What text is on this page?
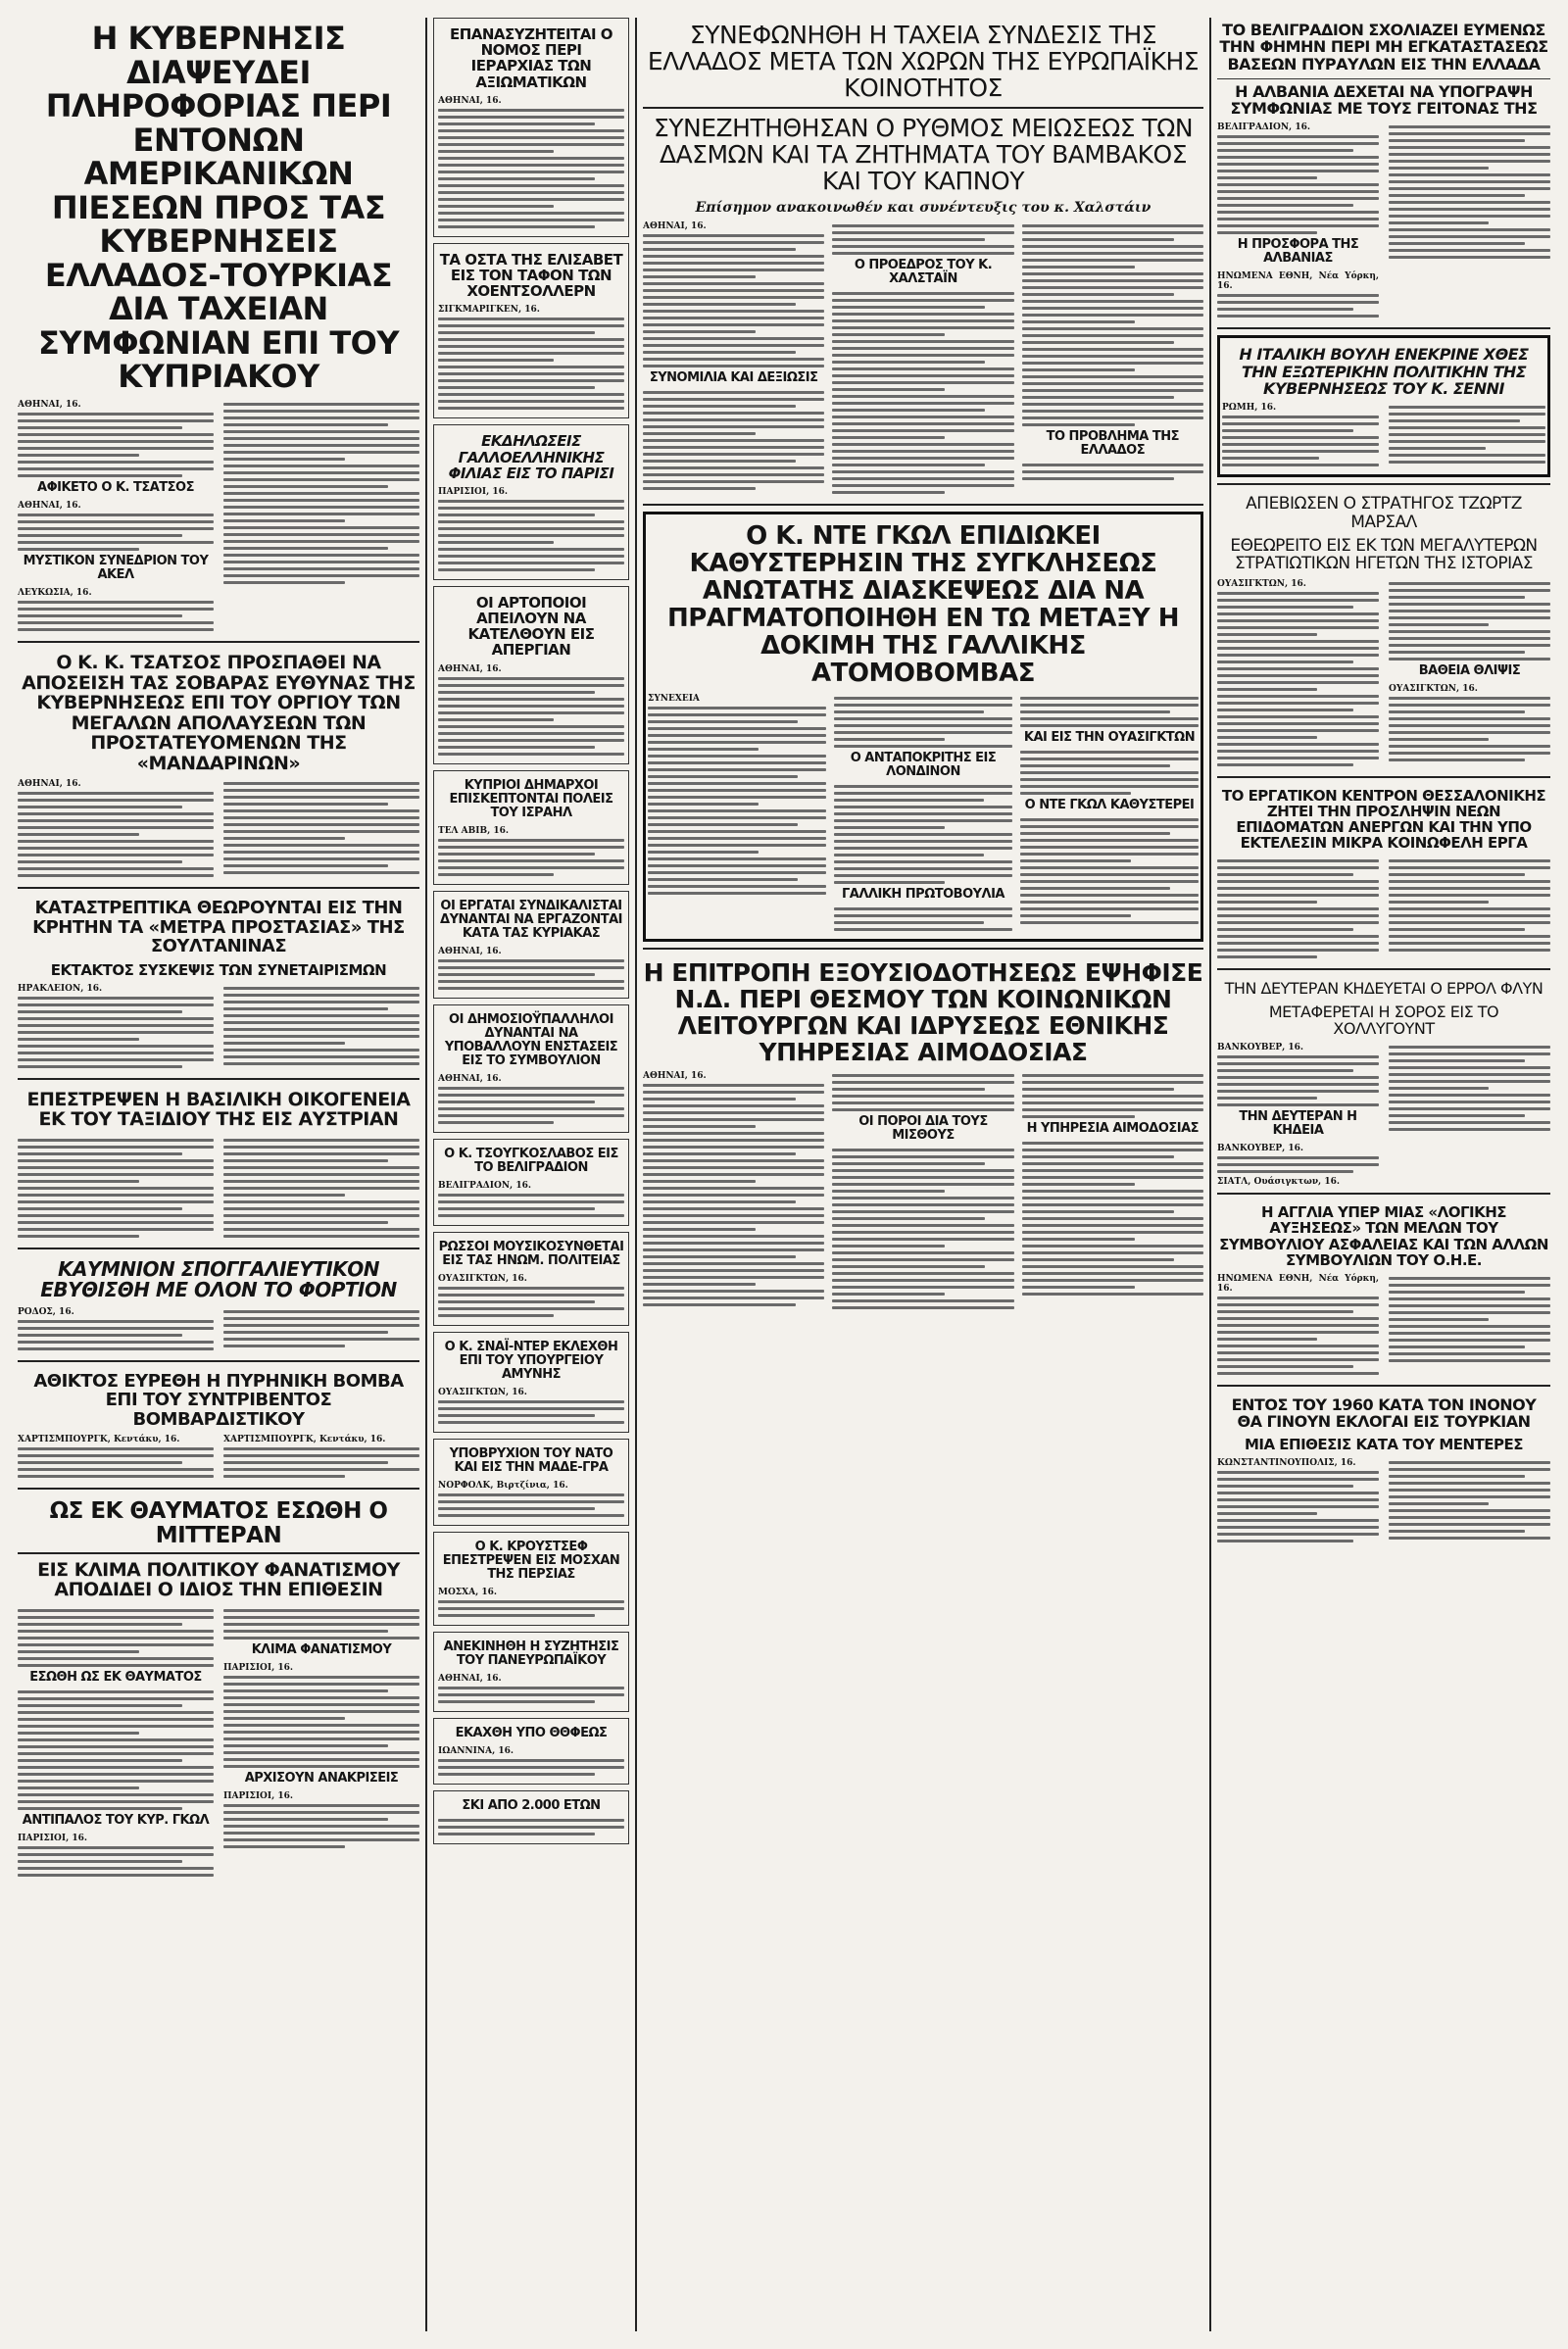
Η ΚΥΒΕΡΝΗΣΙΣ ΔΙΑΨΕΥΔΕΙ ΠΛΗΡΟΦΟΡΙΑΣ ΠΕΡΙ ΕΝΤΟΝΩΝ ΑΜΕΡΙΚΑΝΙΚΩΝ ΠΙΕΣΕΩΝ ΠΡΟΣ ΤΑΣ ΚΥΒΕΡΝΗΣΕΙΣ ΕΛΛΑΔΟΣ-ΤΟΥΡΚΙΑΣ ΔΙΑ ΤΑΧΕΙΑΝ ΣΥΜΦΩΝΙΑΝ ΕΠΙ ΤΟΥ ΚΥΠΡΙΑΚΟΥ
ΑΘΗΝΑΙ, 16.
ΑΦΙΚΕΤΟ Ο Κ. ΤΣΑΤΣΟΣ
ΑΘΗΝΑΙ, 16.
ΜΥΣΤΙΚΟΝ ΣΥΝΕΔΡΙΟΝ ΤΟΥ ΑΚΕΛ
ΛΕΥΚΩΣΙΑ, 16.
Ο Κ. Κ. ΤΣΑΤΣΟΣ ΠΡΟΣΠΑΘΕΙ ΝΑ ΑΠΟΣΕΙΣΗ ΤΑΣ ΣΟΒΑΡΑΣ ΕΥΘΥΝΑΣ ΤΗΣ ΚΥΒΕΡΝΗΣΕΩΣ ΕΠΙ ΤΟΥ ΟΡΓΙΟΥ ΤΩΝ ΜΕΓΑΛΩΝ ΑΠΟΛΑΥΣΕΩΝ ΤΩΝ ΠΡΟΣΤΑΤΕΥΟΜΕΝΩΝ ΤΗΣ «ΜΑΝΔΑΡΙΝΩΝ»
ΑΘΗΝΑΙ, 16.
ΚΑΤΑΣΤΡΕΠΤΙΚΑ ΘΕΩΡΟΥΝΤΑΙ ΕΙΣ ΤΗΝ ΚΡΗΤΗΝ ΤΑ «ΜΕΤΡΑ ΠΡΟΣΤΑΣΙΑΣ» ΤΗΣ ΣΟΥΛΤΑΝΙΝΑΣ
ΕΚΤΑΚΤΟΣ ΣΥΣΚΕΨΙΣ ΤΩΝ ΣΥΝΕΤΑΙΡΙΣΜΩΝ
ΗΡΑΚΛΕΙΟΝ, 16.
ΕΠΕΣΤΡΕΨΕΝ Η ΒΑΣΙΛΙΚΗ ΟΙΚΟΓΕΝΕΙΑ ΕΚ ΤΟΥ ΤΑΞΙΔΙΟΥ ΤΗΣ ΕΙΣ ΑΥΣΤΡΙΑΝ
ΚΑΥΜΝΙΟΝ ΣΠΟΓΓΑΛΙΕΥΤΙΚΟΝ ΕΒΥΘΙΣΘΗ ΜΕ ΟΛΟΝ ΤΟ ΦΟΡΤΙΟΝ
ΡΟΔΟΣ, 16.
ΑΘΙΚΤΟΣ ΕΥΡΕΘΗ Η ΠΥΡΗΝΙΚΗ ΒΟΜΒΑ ΕΠΙ ΤΟΥ ΣΥΝΤΡΙΒΕΝΤΟΣ ΒΟΜΒΑΡΔΙΣΤΙΚΟΥ
ΧΑΡΤΙΣΜΠΟΥΡΓΚ, Κεντάκυ, 16.	ΧΑΡΤΙΣΜΠΟΥΡΓΚ, Κεντάκυ, 16.
ΩΣ ΕΚ ΘΑΥΜΑΤΟΣ ΕΣΩΘΗ Ο ΜΙΤΤΕΡΑΝ
ΕΙΣ ΚΛΙΜΑ ΠΟΛΙΤΙΚΟΥ ΦΑΝΑΤΙΣΜΟΥ ΑΠΟΔΙΔΕΙ Ο ΙΔΙΟΣ ΤΗΝ ΕΠΙΘΕΣΙΝ
ΕΣΩΘΗ ΩΣ ΕΚ ΘΑΥΜΑΤΟΣ
ΑΝΤΙΠΑΛΟΣ ΤΟΥ ΚΥΡ. ΓΚΩΛ
ΠΑΡΙΣΙΟΙ, 16.
ΚΛΙΜΑ ΦΑΝΑΤΙΣΜΟΥ
ΠΑΡΙΣΙΟΙ, 16.
ΑΡΧΙΣΟΥΝ ΑΝΑΚΡΙΣΕΙΣ
ΠΑΡΙΣΙΟΙ, 16.
ΕΠΑΝΑΣΥΖΗΤΕΙΤΑΙ Ο ΝΟΜΟΣ ΠΕΡΙ ΙΕΡΑΡΧΙΑΣ ΤΩΝ ΑΞΙΩΜΑΤΙΚΩΝ
ΑΘΗΝΑΙ, 16.
ΤΑ ΟΣΤΑ ΤΗΣ ΕΛΙΣΑΒΕΤ ΕΙΣ ΤΟΝ ΤΑΦΟΝ ΤΩΝ ΧΟΕΝΤΣΟΛΛΕΡΝ
ΣΙΓΚΜΑΡΙΓΚΕΝ, 16.
ΕΚΔΗΛΩΣΕΙΣ ΓΑΛΛΟΕΛΛΗΝΙΚΗΣ ΦΙΛΙΑΣ ΕΙΣ ΤΟ ΠΑΡΙΣΙ
ΠΑΡΙΣΙΟΙ, 16.
ΟΙ ΑΡΤΟΠΟΙΟΙ ΑΠΕΙΛΟΥΝ ΝΑ ΚΑΤΕΛΘΟΥΝ ΕΙΣ ΑΠΕΡΓΙΑΝ
ΑΘΗΝΑΙ, 16.
ΚΥΠΡΙΟΙ ΔΗΜΑΡΧΟΙ ΕΠΙΣΚΕΠΤΟΝΤΑΙ ΠΟΛΕΙΣ ΤΟΥ ΙΣΡΑΗΛ
ΤΕΛ ΑΒΙΒ, 16.
ΟΙ ΕΡΓΑΤΑΙ ΣΥΝΔΙΚΑΛΙΣΤΑΙ ΔΥΝΑΝΤΑΙ ΝΑ ΕΡΓΑΖΟΝΤΑΙ ΚΑΤΑ ΤΑΣ ΚΥΡΙΑΚΑΣ
ΑΘΗΝΑΙ, 16.
ΟΙ ΔΗΜΟΣΙΟΫΠΑΛΛΗΛΟΙ ΔΥΝΑΝΤΑΙ ΝΑ ΥΠΟΒΑΛΛΟΥΝ ΕΝΣΤΑΣΕΙΣ ΕΙΣ ΤΟ ΣΥΜΒΟΥΛΙΟΝ
ΑΘΗΝΑΙ, 16.
Ο Κ. ΤΣΟΥΓΚΟΣΛΑΒΟΣ ΕΙΣ ΤΟ ΒΕΛΙΓΡΑΔΙΟΝ
ΒΕΛΙΓΡΑΔΙΟΝ, 16.
ΡΩΣΣΟΙ ΜΟΥΣΙΚΟΣΥΝΘΕΤΑΙ ΕΙΣ ΤΑΣ ΗΝΩΜ. ΠΟΛΙΤΕΙΑΣ
ΟΥΑΣΙΓΚΤΩΝ, 16.
Ο Κ. ΣΝΑΪ-ΝΤΕΡ ΕΚΛΕΧΘΗ ΕΠΙ ΤΟΥ ΥΠΟΥΡΓΕΙΟΥ ΑΜΥΝΗΣ
ΟΥΑΣΙΓΚΤΩΝ, 16.
ΥΠΟΒΡΥΧΙΟΝ ΤΟΥ ΝΑΤΟ ΚΑΙ ΕΙΣ ΤΗΝ ΜΑΔΕ-ΓΡΑ
ΝΟΡΦΟΛΚ, Βιρτζίνια, 16.
Ο Κ. ΚΡΟΥΣΤΣΕΦ ΕΠΕΣΤΡΕΨΕΝ ΕΙΣ ΜΟΣΧΑΝ ΤΗΣ ΠΕΡΣΙΑΣ
ΜΟΣΧΑ, 16.
ΑΝΕΚΙΝΗΘΗ Η ΣΥΖΗΤΗΣΙΣ ΤΟΥ ΠΑΝΕΥΡΩΠΑΪΚΟΥ
ΑΘΗΝΑΙ, 16.
ΕΚΑΧΘΗ ΥΠΟ ΘΘΦΕΩΣ
ΙΩΑΝΝΙΝΑ, 16.
ΣΚΙ ΑΠΟ 2.000 ΕΤΩΝ
ΣΥΝΕΦΩΝΗΘΗ Η ΤΑΧΕΙΑ ΣΥΝΔΕΣΙΣ ΤΗΣ ΕΛΛΑΔΟΣ ΜΕΤΑ ΤΩΝ ΧΩΡΩΝ ΤΗΣ ΕΥΡΩΠΑΪΚΗΣ ΚΟΙΝΟΤΗΤΟΣ
ΣΥΝΕΖΗΤΗΘΗΣΑΝ Ο ΡΥΘΜΟΣ ΜΕΙΩΣΕΩΣ ΤΩΝ ΔΑΣΜΩΝ ΚΑΙ ΤΑ ΖΗΤΗΜΑΤΑ ΤΟΥ ΒΑΜΒΑΚΟΣ ΚΑΙ ΤΟΥ ΚΑΠΝΟΥ
Επίσημον ανακοινωθέν και συνέντευξις του κ. Χαλστάιν
ΑΘΗΝΑΙ, 16.
ΣΥΝΟΜΙΛΙΑ ΚΑΙ ΔΕΞΙΩΣΙΣ
Ο ΠΡΟΕΔΡΟΣ ΤΟΥ Κ. ΧΑΛΣΤΑΪΝ
ΤΟ ΠΡΟΒΛΗΜΑ ΤΗΣ ΕΛΛΑΔΟΣ
Ο Κ. ΝΤΕ ΓΚΩΛ ΕΠΙΔΙΩΚΕΙ ΚΑΘΥΣΤΕΡΗΣΙΝ ΤΗΣ ΣΥΓΚΛΗΣΕΩΣ ΑΝΩΤΑΤΗΣ ΔΙΑΣΚΕΨΕΩΣ ΔΙΑ ΝΑ ΠΡΑΓΜΑΤΟΠΟΙΗΘΗ ΕΝ ΤΩ ΜΕΤΑΞΥ Η ΔΟΚΙΜΗ ΤΗΣ ΓΑΛΛΙΚΗΣ ΑΤΟΜΟΒΟΜΒΑΣ
ΣΥΝΕΧΕΙΑ
Ο ΑΝΤΑΠΟΚΡΙΤΗΣ ΕΙΣ ΛΟΝΔΙΝΟΝ
ΓΑΛΛΙΚΗ ΠΡΩΤΟΒΟΥΛΙΑ
ΚΑΙ ΕΙΣ ΤΗΝ ΟΥΑΣΙΓΚΤΩΝ
Ο ΝΤΕ ΓΚΩΛ ΚΑΘΥΣΤΕΡΕΙ
Η ΕΠΙΤΡΟΠΗ ΕΞΟΥΣΙΟΔΟΤΗΣΕΩΣ ΕΨΗΦΙΣΕ Ν.Δ. ΠΕΡΙ ΘΕΣΜΟΥ ΤΩΝ ΚΟΙΝΩΝΙΚΩΝ ΛΕΙΤΟΥΡΓΩΝ ΚΑΙ ΙΔΡΥΣΕΩΣ ΕΘΝΙΚΗΣ ΥΠΗΡΕΣΙΑΣ ΑΙΜΟΔΟΣΙΑΣ
ΑΘΗΝΑΙ, 16.
ΟΙ ΠΟΡΟΙ ΔΙΑ ΤΟΥΣ ΜΙΣΘΟΥΣ	Η ΥΠΗΡΕΣΙΑ ΑΙΜΟΔΟΣΙΑΣ
ΤΟ ΒΕΛΙΓΡΑΔΙΟΝ ΣΧΟΛΙΑΖΕΙ ΕΥΜΕΝΩΣ ΤΗΝ ΦΗΜΗΝ ΠΕΡΙ ΜΗ ΕΓΚΑΤΑΣΤΑΣΕΩΣ ΒΑΣΕΩΝ ΠΥΡΑΥΛΩΝ ΕΙΣ ΤΗΝ ΕΛΛΑΔΑ
Η ΑΛΒΑΝΙΑ ΔΕΧΕΤΑΙ ΝΑ ΥΠΟΓΡΑΨΗ ΣΥΜΦΩΝΙΑΣ ΜΕ ΤΟΥΣ ΓΕΙΤΟΝΑΣ ΤΗΣ
ΒΕΛΙΓΡΑΔΙΟΝ, 16.
Η ΠΡΟΣΦΟΡΑ ΤΗΣ ΑΛΒΑΝΙΑΣ
ΗΝΩΜΕΝΑ ΕΘΝΗ, Νέα Υόρκη, 16.
Η ΙΤΑΛΙΚΗ ΒΟΥΛΗ ΕΝΕΚΡΙΝΕ ΧΘΕΣ ΤΗΝ ΕΞΩΤΕΡΙΚΗΝ ΠΟΛΙΤΙΚΗΝ ΤΗΣ ΚΥΒΕΡΝΗΣΕΩΣ ΤΟΥ Κ. ΣΕΝΝΙ
ΡΩΜΗ, 16.
ΑΠΕΒΙΩΣΕΝ Ο ΣΤΡΑΤΗΓΟΣ ΤΖΩΡΤΖ ΜΑΡΣΑΛ
ΕΘΕΩΡΕΙΤΟ ΕΙΣ ΕΚ ΤΩΝ ΜΕΓΑΛΥΤΕΡΩΝ ΣΤΡΑΤΙΩΤΙΚΩΝ ΗΓΕΤΩΝ ΤΗΣ ΙΣΤΟΡΙΑΣ
ΟΥΑΣΙΓΚΤΩΝ, 16.
ΒΑΘΕΙΑ ΘΛΙΨΙΣ
ΟΥΑΣΙΓΚΤΩΝ, 16.
ΤΟ ΕΡΓΑΤΙΚΟΝ ΚΕΝΤΡΟΝ ΘΕΣΣΑΛΟΝΙΚΗΣ ΖΗΤΕΙ ΤΗΝ ΠΡΟΣΛΗΨΙΝ ΝΕΩΝ ΕΠΙΔΟΜΑΤΩΝ ΑΝΕΡΓΩΝ ΚΑΙ ΤΗΝ ΥΠΟ ΕΚΤΕΛΕΣΙΝ ΜΙΚΡΑ ΚΟΙΝΩΦΕΛΗ ΕΡΓΑ
ΤΗΝ ΔΕΥΤΕΡΑΝ ΚΗΔΕΥΕΤΑΙ Ο ΕΡΡΟΛ ΦΛΥΝ
ΜΕΤΑΦΕΡΕΤΑΙ Η ΣΟΡΟΣ ΕΙΣ ΤΟ ΧΟΛΛΥΓΟΥΝΤ
ΒΑΝΚΟΥΒΕΡ, 16.
ΤΗΝ ΔΕΥΤΕΡΑΝ Η ΚΗΔΕΙΑ
ΒΑΝΚΟΥΒΕΡ, 16.
ΣΙΑΤΛ, Ουάσιγκτων, 16.
Η ΑΓΓΛΙΑ ΥΠΕΡ ΜΙΑΣ «ΛΟΓΙΚΗΣ ΑΥΞΗΣΕΩΣ» ΤΩΝ ΜΕΛΩΝ ΤΟΥ ΣΥΜΒΟΥΛΙΟΥ ΑΣΦΑΛΕΙΑΣ ΚΑΙ ΤΩΝ ΑΛΛΩΝ ΣΥΜΒΟΥΛΙΩΝ ΤΟΥ Ο.Η.Ε.
ΗΝΩΜΕΝΑ ΕΘΝΗ, Νέα Υόρκη, 16.
ΕΝΤΟΣ ΤΟΥ 1960 ΚΑΤΑ ΤΟΝ ΙΝΟΝΟΥ ΘΑ ΓΙΝΟΥΝ ΕΚΛΟΓΑΙ ΕΙΣ ΤΟΥΡΚΙΑΝ
ΜΙΑ ΕΠΙΘΕΣΙΣ ΚΑΤΑ ΤΟΥ ΜΕΝΤΕΡΕΣ
ΚΩΝΣΤΑΝΤΙΝΟΥΠΟΛΙΣ, 16.
